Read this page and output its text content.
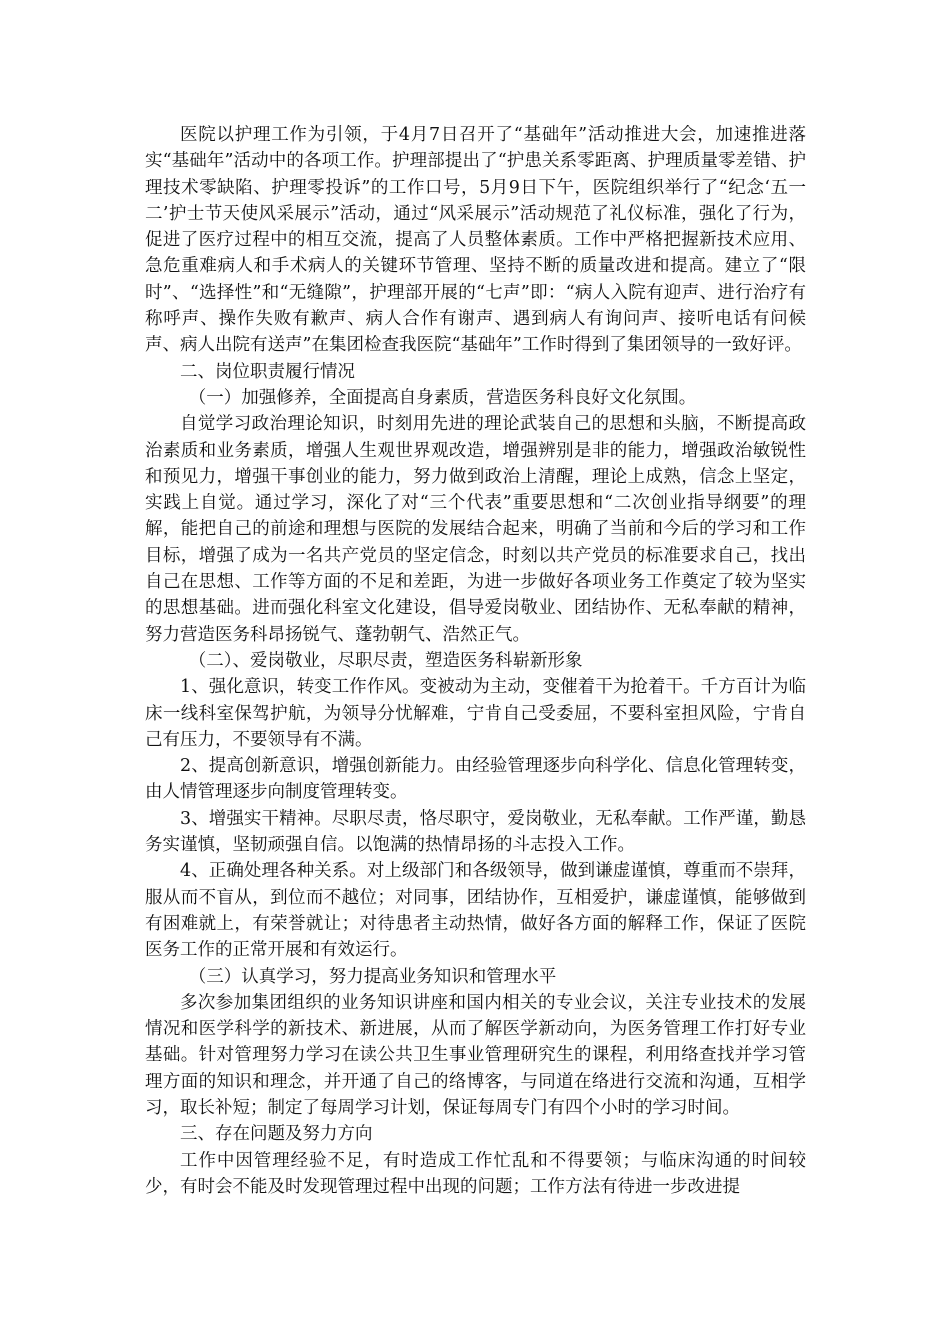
医院以护理工作为引领，于4月7日召开了“基础年”活动推进大会，加速推进落实“基础年”活动中的各项工作。护理部提出了“护患关系零距离、护理质量零差错、护理技术零缺陷、护理零投诉”的工作口号，5月9日下午，医院组织举行了“纪念‘五一二’护士节天使风采展示”活动，通过“风采展示”活动规范了礼仪标准，强化了行为，促进了医疗过程中的相互交流，提高了人员整体素质。工作中严格把握新技术应用、急危重难病人和手术病人的关键环节管理、坚持不断的质量改进和提高。建立了“限时”、“选择性”和“无缝隙”，护理部开展的“七声”即：“病人入院有迎声、进行治疗有称呼声、操作失败有歉声、病人合作有谢声、遇到病人有询问声、接听电话有问候声、病人出院有送声”在集团检查我医院“基础年”工作时得到了集团领导的一致好评。

二、岗位职责履行情况

（一）加强修养，全面提高自身素质，营造医务科良好文化氛围。

自觉学习政治理论知识，时刻用先进的理论武装自己的思想和头脑，不断提高政治素质和业务素质，增强人生观世界观改造，增强辨别是非的能力，增强政治敏锐性和预见力，增强干事创业的能力，努力做到政治上清醒，理论上成熟，信念上坚定，实践上自觉。通过学习，深化了对“三个代表”重要思想和“二次创业指导纲要”的理解，能把自己的前途和理想与医院的发展结合起来，明确了当前和今后的学习和工作目标，增强了成为一名共产党员的坚定信念，时刻以共产党员的标准要求自己，找出自己在思想、工作等方面的不足和差距，为进一步做好各项业务工作奠定了较为坚实的思想基础。进而强化科室文化建设，倡导爱岗敬业、团结协作、无私奉献的精神，努力营造医务科昂扬锐气、蓬勃朝气、浩然正气。

（二）、爱岗敬业，尽职尽责，塑造医务科崭新形象

1、强化意识，转变工作作风。变被动为主动，变催着干为抢着干。千方百计为临床一线科室保驾护航，为领导分忧解难，宁肯自己受委屈，不要科室担风险，宁肯自己有压力，不要领导有不满。

2、提高创新意识，增强创新能力。由经验管理逐步向科学化、信息化管理转变，由人情管理逐步向制度管理转变。

3、增强实干精神。尽职尽责，恪尽职守，爱岗敬业，无私奉献。工作严谨，勤恳务实谨慎，坚韧顽强自信。以饱满的热情昂扬的斗志投入工作。

4、正确处理各种关系。对上级部门和各级领导，做到谦虚谨慎，尊重而不崇拜，服从而不盲从，到位而不越位；对同事，团结协作，互相爱护，谦虚谨慎，能够做到有困难就上，有荣誉就让；对待患者主动热情，做好各方面的解释工作，保证了医院医务工作的正常开展和有效运行。

（三）认真学习，努力提高业务知识和管理水平

多次参加集团组织的业务知识讲座和国内相关的专业会议，关注专业技术的发展情况和医学科学的新技术、新进展，从而了解医学新动向，为医务管理工作打好专业基础。针对管理努力学习在读公共卫生事业管理研究生的课程，利用络查找并学习管理方面的知识和理念，并开通了自己的络博客，与同道在络进行交流和沟通，互相学习，取长补短；制定了每周学习计划，保证每周专门有四个小时的学习时间。

三、存在问题及努力方向

工作中因管理经验不足，有时造成工作忙乱和不得要领；与临床沟通的时间较少，有时会不能及时发现管理过程中出现的问题；工作方法有待进一步改进提
